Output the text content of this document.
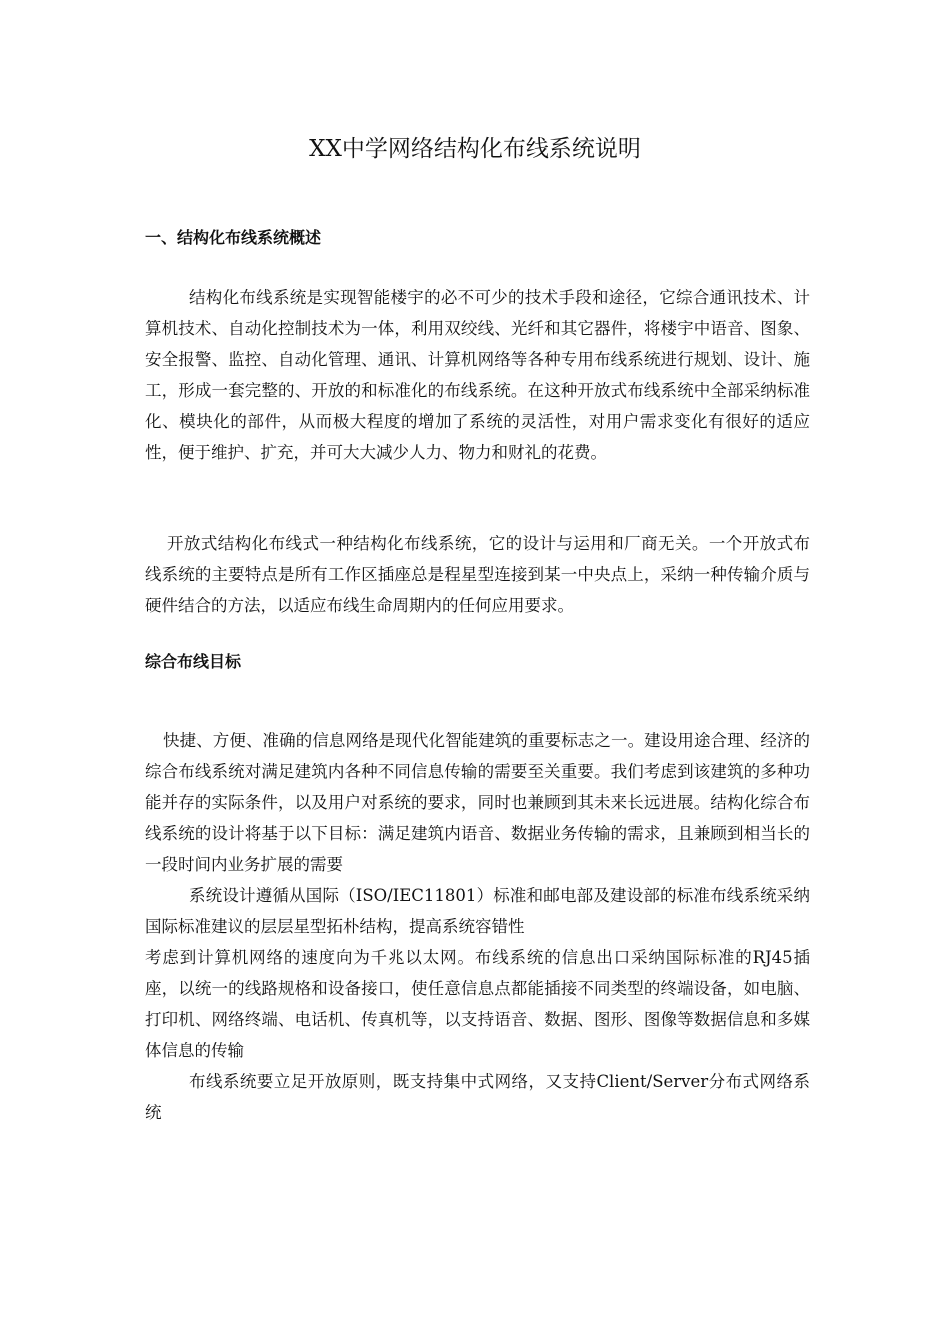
XX中学网络结构化布线系统说明
一、结构化布线系统概述

结构化布线系统是实现智能楼宇的必不可少的技术手段和途径，它综合通讯技术、计算机技术、自动化控制技术为一体，利用双绞线、光纤和其它器件，将楼宇中语音、图象、安全报警、监控、自动化管理、通讯、计算机网络等各种专用布线系统进行规划、设计、施工，形成一套完整的、开放的和标准化的布线系统。在这种开放式布线系统中全部采纳标准化、模块化的部件，从而极大程度的增加了系统的灵活性，对用户需求变化有很好的适应性，便于维护、扩充，并可大大减少人力、物力和财礼的花费。

开放式结构化布线式一种结构化布线系统，它的设计与运用和厂商无关。一个开放式布线系统的主要特点是所有工作区插座总是程星型连接到某一中央点上，采纳一种传输介质与硬件结合的方法，以适应布线生命周期内的任何应用要求。

综合布线目标

快捷、方便、准确的信息网络是现代化智能建筑的重要标志之一。建设用途合理、经济的综合布线系统对满足建筑内各种不同信息传输的需要至关重要。我们考虑到该建筑的多种功能并存的实际条件，以及用户对系统的要求，同时也兼顾到其未来长远进展。结构化综合布线系统的设计将基于以下目标：满足建筑内语音、数据业务传输的需求，且兼顾到相当长的一段时间内业务扩展的需要

系统设计遵循从国际（ISO/IEC11801）标准和邮电部及建设部的标准布线系统采纳国际标准建议的层层星型拓朴结构，提高系统容错性

考虑到计算机网络的速度向为千兆以太网。布线系统的信息出口采纳国际标准的RJ45插座，以统一的线路规格和设备接口，使任意信息点都能插接不同类型的终端设备，如电脑、打印机、网络终端、电话机、传真机等，以支持语音、数据、图形、图像等数据信息和多媒体信息的传输

布线系统要立足开放原则，既支持集中式网络，又支持Client/Server分布式网络系统
